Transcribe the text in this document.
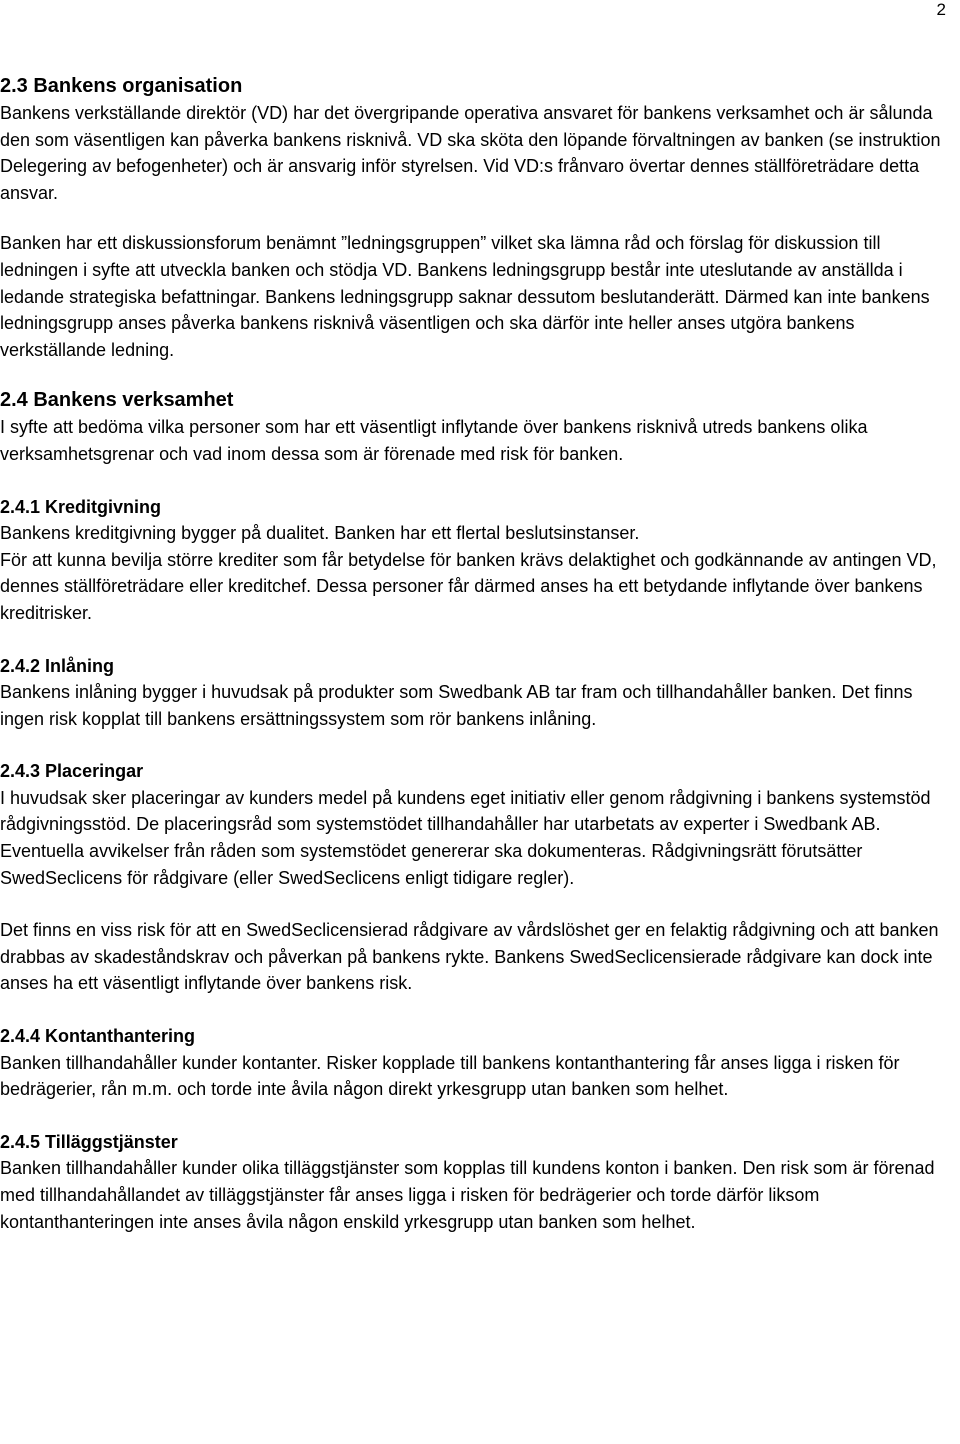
2
2.3 Bankens organisation

Bankens verkställande direktör (VD) har det övergripande operativa ansvaret för bankens verksamhet och är sålunda den som väsentligen kan påverka bankens risknivå. VD ska sköta den löpande förvaltningen av banken (se instruktion Delegering av befogenheter) och är ansvarig inför styrelsen. Vid VD:s frånvaro övertar dennes ställföreträdare detta ansvar.

Banken har ett diskussionsforum benämnt ”ledningsgruppen” vilket ska lämna råd och förslag för diskussion till ledningen i syfte att utveckla banken och stödja VD. Bankens ledningsgrupp består inte uteslutande av anställda i ledande strategiska befattningar. Bankens ledningsgrupp saknar dessutom beslutanderätt. Därmed kan inte bankens ledningsgrupp anses påverka bankens risknivå väsentligen och ska därför inte heller anses utgöra bankens verkställande ledning.

2.4 Bankens verksamhet

I syfte att bedöma vilka personer som har ett väsentligt inflytande över bankens risknivå utreds bankens olika verksamhetsgrenar och vad inom dessa som är förenade med risk för banken.

2.4.1 Kreditgivning

Bankens kreditgivning bygger på dualitet. Banken har ett flertal beslutsinstanser.

För att kunna bevilja större krediter som får betydelse för banken krävs delaktighet och godkännande av antingen VD, dennes ställföreträdare eller kreditchef. Dessa personer får därmed anses ha ett betydande inflytande över bankens kreditrisker.

2.4.2 Inlåning

Bankens inlåning bygger i huvudsak på produkter som Swedbank AB tar fram och tillhandahåller banken. Det finns ingen risk kopplat till bankens ersättningssystem som rör bankens inlåning.

2.4.3 Placeringar

I huvudsak sker placeringar av kunders medel på kundens eget initiativ eller genom rådgivning i bankens systemstöd rådgivningsstöd. De placeringsråd som systemstödet tillhandahåller har utarbetats av experter i Swedbank AB. Eventuella avvikelser från råden som systemstödet genererar ska dokumenteras. Rådgivningsrätt förutsätter SwedSeclicens för rådgivare (eller SwedSeclicens enligt tidigare regler).

Det finns en viss risk för att en SwedSeclicensierad rådgivare av vårdslöshet ger en felaktig rådgivning och att banken drabbas av skadeståndskrav och påverkan på bankens rykte. Bankens SwedSeclicensierade rådgivare kan dock inte anses ha ett väsentligt inflytande över bankens risk.

2.4.4 Kontanthantering

Banken tillhandahåller kunder kontanter. Risker kopplade till bankens kontanthantering får anses ligga i risken för bedrägerier, rån m.m. och torde inte åvila någon direkt yrkesgrupp utan banken som helhet.

2.4.5 Tilläggstjänster

Banken tillhandahåller kunder olika tilläggstjänster som kopplas till kundens konton i banken. Den risk som är förenad med tillhandahållandet av tilläggstjänster får anses ligga i risken för bedrägerier och torde därför liksom kontanthanteringen inte anses åvila någon enskild yrkesgrupp utan banken som helhet.
